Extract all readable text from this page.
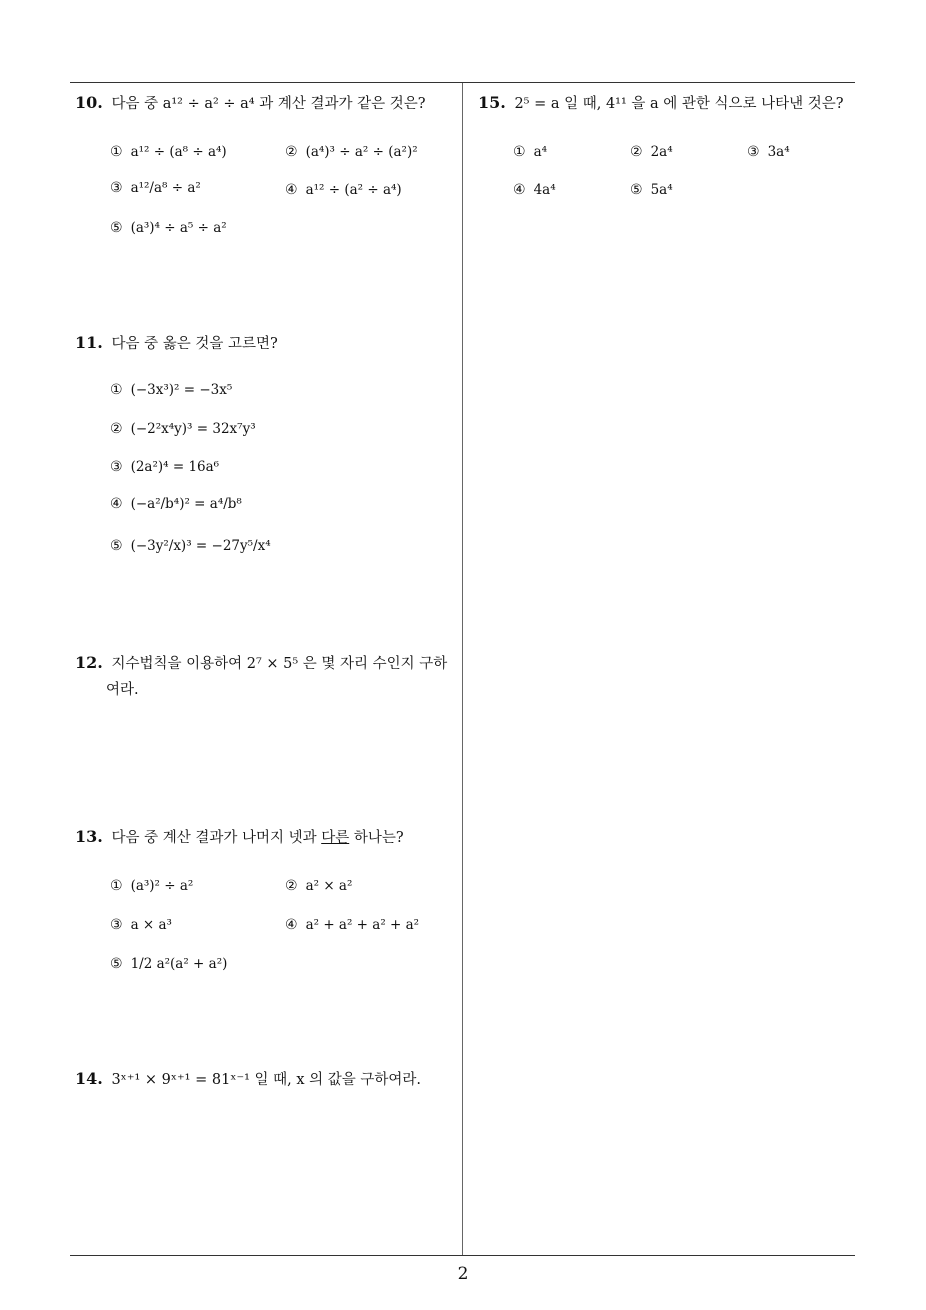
10. 다음 중 a¹² ÷ a² ÷ a⁴ 과 계산 결과가 같은 것은?
① a¹² ÷ (a⁸ ÷ a⁴)	② (a⁴)³ ÷ a² ÷ (a²)²
③ a¹²/a⁸ ÷ a²	④ a¹² ÷ (a² ÷ a⁴)
⑤ (a³)⁴ ÷ a⁵ ÷ a²
11. 다음 중 옳은 것을 고르면?
① (−3x³)² = −3x⁵
② (−2²x⁴y)³ = 32x⁷y³
③ (2a²)⁴ = 16a⁶
④ (−a²/b⁴)² = a⁴/b⁸
⑤ (−3y²/x)³ = −27y⁵/x⁴
12. 지수법칙을 이용하여 2⁷ × 5⁵ 은 몇 자리 수인지 구하
여라.
13. 다음 중 계산 결과가 나머지 넷과 다른 하나는?
① (a³)² ÷ a²	② a² × a²
③ a × a³	④ a² + a² + a² + a²
⑤ 1/2 a²(a² + a²)
14. 3ˣ⁺¹ × 9ˣ⁺¹ = 81ˣ⁻¹ 일 때, x 의 값을 구하여라.
15. 2⁵ = a 일 때, 4¹¹ 을 a 에 관한 식으로 나타낸 것은?
① a⁴	② 2a⁴	③ 3a⁴
④ 4a⁴	⑤ 5a⁴
2
